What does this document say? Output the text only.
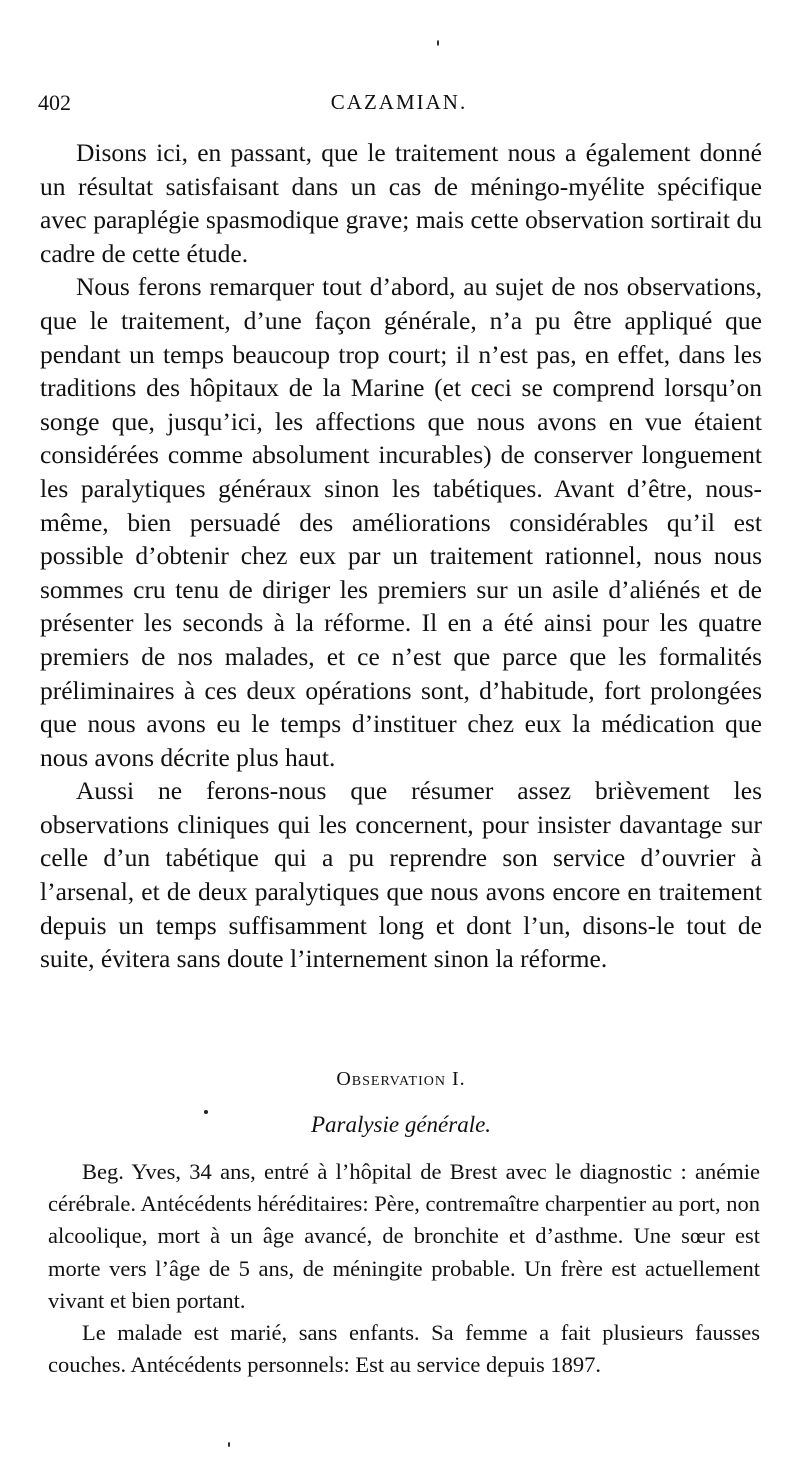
402	CAZAMIAN.

Disons ici, en passant, que le traitement nous a également donné un résultat satisfaisant dans un cas de méningo-myélite spécifique avec paraplégie spasmodique grave; mais cette observation sortirait du cadre de cette étude.

Nous ferons remarquer tout d’abord, au sujet de nos observations, que le traitement, d’une façon générale, n’a pu être appliqué que pendant un temps beaucoup trop court; il n’est pas, en effet, dans les traditions des hôpitaux de la Marine (et ceci se comprend lorsqu’on songe que, jusqu’ici, les affections que nous avons en vue étaient considérées comme absolument incurables) de conserver longuement les paralytiques généraux sinon les tabétiques. Avant d’être, nous-même, bien persuadé des améliorations considérables qu’il est possible d’obtenir chez eux par un traitement rationnel, nous nous sommes cru tenu de diriger les premiers sur un asile d’aliénés et de présenter les seconds à la réforme. Il en a été ainsi pour les quatre premiers de nos malades, et ce n’est que parce que les formalités préliminaires à ces deux opérations sont, d’habitude, fort prolongées que nous avons eu le temps d’instituer chez eux la médication que nous avons décrite plus haut.

Aussi ne ferons-nous que résumer assez brièvement les observations cliniques qui les concernent, pour insister davantage sur celle d’un tabétique qui a pu reprendre son service d’ouvrier à l’arsenal, et de deux paralytiques que nous avons encore en traitement depuis un temps suffisamment long et dont l’un, disons-le tout de suite, évitera sans doute l’internement sinon la réforme.

Observation I.
Paralysie générale.

Beg. Yves, 34 ans, entré à l’hôpital de Brest avec le diagnostic : anémie cérébrale. Antécédents héréditaires: Père, contremaître charpentier au port, non alcoolique, mort à un âge avancé, de bronchite et d’asthme. Une sœur est morte vers l’âge de 5 ans, de méningite probable. Un frère est actuellement vivant et bien portant.

Le malade est marié, sans enfants. Sa femme a fait plusieurs fausses couches. Antécédents personnels: Est au service depuis 1897.
